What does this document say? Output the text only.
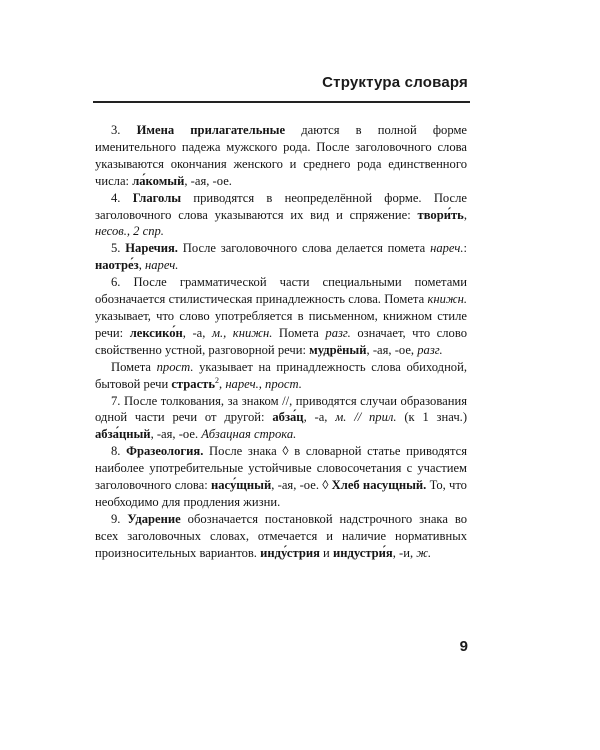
Структура словаря

3. Имена прилагательные даются в полной форме именительного падежа мужского рода. После заголовочного слова указываются окончания женского и среднего рода единственного числа: ла́комый, -ая, -ое.

4. Глаголы приводятся в неопределённой форме. После заголовочного слова указываются их вид и спряжение: твори́ть, несов., 2 спр.

5. Наречия. После заголовочного слова делается помета нареч.: наотре́з, нареч.

6. После грамматической части специальными пометами обозначается стилистическая принадлежность слова. Помета книжн. указывает, что слово употребляется в письменном, книжном стиле речи: лексико́н, -а, м., книжн. Помета разг. означает, что слово свойственно устной, разговорной речи: мудрёный, -ая, -ое, разг.

Помета прост. указывает на принадлежность слова обиходной, бытовой речи страсть$^2$, нареч., прост.

7. После толкования, за знаком //, приводятся случаи образования одной части речи от другой: абза́ц, -а, м. // прил. (к 1 знач.) абза́цный, -ая, -ое. Абзацная строка.

8. Фразеология. После знака ◊ в словарной статье приводятся наиболее употребительные устойчивые словосочетания с участием заголовочного слова: насу́щный, -ая, -ое. ◊ Хлеб насущный. То, что необходимо для продления жизни.

9. Ударение обозначается постановкой надстрочного знака во всех заголовочных словах, отмечается и наличие нормативных произносительных вариантов. инду́стрия и индустри́я, -и, ж.

9
